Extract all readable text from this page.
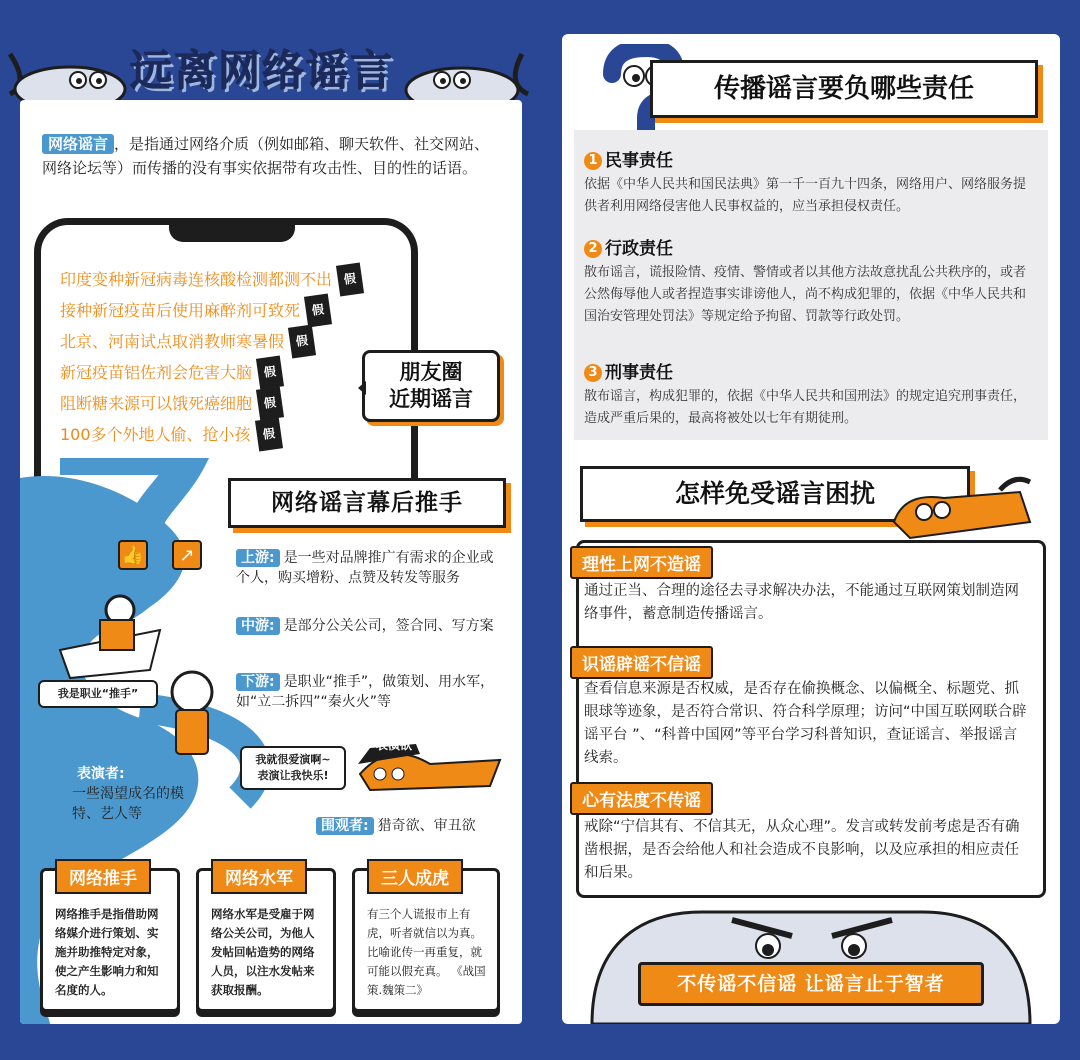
远离网络谣言
网络谣言 ，是指通过网络介质（例如邮箱、聊天软件、社交网站、网络论坛等）而传播的没有事实依据带有攻击性、目的性的话语。
印度变种新冠病毒连核酸检测都测不出 假
接种新冠疫苗后使用麻醉剂可致死 假
北京、河南试点取消教师寒暑假 假
新冠疫苗铝佐剂会危害大脑 假
阻断糖来源可以饿死癌细胞 假
100多个外地人偷、抢小孩 假
……
朋友圈
近期谣言
网络谣言幕后推手
👍	↗	上游: 是一些对品牌推广有需求的企业或个人，购买增粉、点赞及转发等服务
中游: 是部分公关公司，签合同、写方案
下游: 是职业“推手”，做策划、用水军，如“立二拆四”“秦火火”等
我是职业“推手”
表演者:
一些渴望成名的模特、艺人等
我就很爱演啊~ 表演让我快乐!
表演欲
围观者: 猎奇欲、审丑欲
网络推手
网络推手是指借助网络媒介进行策划、实施并助推特定对象，使之产生影响力和知名度的人。
网络水军
网络水军是受雇于网络公关公司，为他人发帖回帖造势的网络人员，以注水发帖来获取报酬。
三人成虎
有三个人谎报市上有虎，听者就信以为真。比喻讹传一再重复，就可能以假充真。 《战国策.魏策二》
传播谣言要负哪些责任
1 民事责任
依据《中华人民共和国民法典》第一千一百九十四条，网络用户、网络服务提供者利用网络侵害他人民事权益的，应当承担侵权责任。
2 行政责任
散布谣言，谎报险情、疫情、警情或者以其他方法故意扰乱公共秩序的，或者公然侮辱他人或者捏造事实诽谤他人，尚不构成犯罪的，依据《中华人民共和国治安管理处罚法》等规定给予拘留、罚款等行政处罚。
3 刑事责任
散布谣言，构成犯罪的，依据《中华人民共和国刑法》的规定追究刑事责任，造成严重后果的，最高将被处以七年有期徒刑。
怎样免受谣言困扰
理性上网不造谣
通过正当、合理的途径去寻求解决办法，不能通过互联网策划制造网络事件，蓄意制造传播谣言。
识谣辟谣不信谣
查看信息来源是否权威，是否存在偷换概念、以偏概全、标题党、抓眼球等迹象，是否符合常识、符合科学原理；访问“中国互联网联合辟谣平台 ”、“科普中国网”等平台学习科普知识，查证谣言、举报谣言线索。
心有法度不传谣
戒除“宁信其有、不信其无，从众心理”。发言或转发前考虑是否有确凿根据，是否会给他人和社会造成不良影响，以及应承担的相应责任和后果。
不传谣不信谣 让谣言止于智者
